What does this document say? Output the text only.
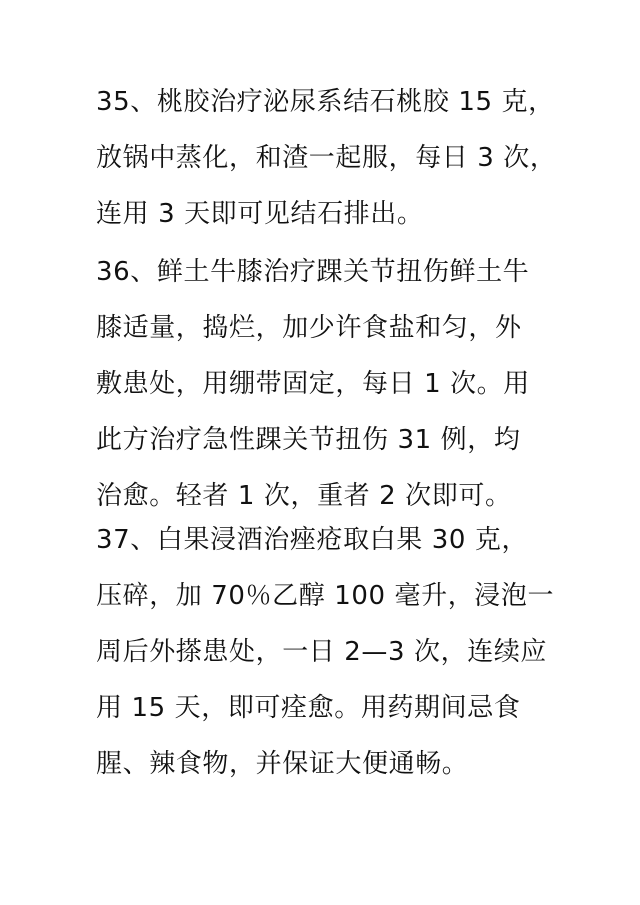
35、桃胶治疗泌尿系结石桃胶 15 克，
放锅中蒸化，和渣一起服，每日 3 次，
连用 3 天即可见结石排出。
36、鲜土牛膝治疗踝关节扭伤鲜土牛
膝适量，捣烂，加少许食盐和匀，外
敷患处，用绷带固定，每日 1 次。用
此方治疗急性踝关节扭伤 31 例，均
治愈。轻者 1 次，重者 2 次即可。
37、白果浸酒治痤疮取白果 30 克，
压碎，加 70％乙醇 100 毫升，浸泡一
周后外搽患处，一日 2—3 次，连续应
用 15 天，即可痊愈。用药期间忌食
腥、辣食物，并保证大便通畅。
